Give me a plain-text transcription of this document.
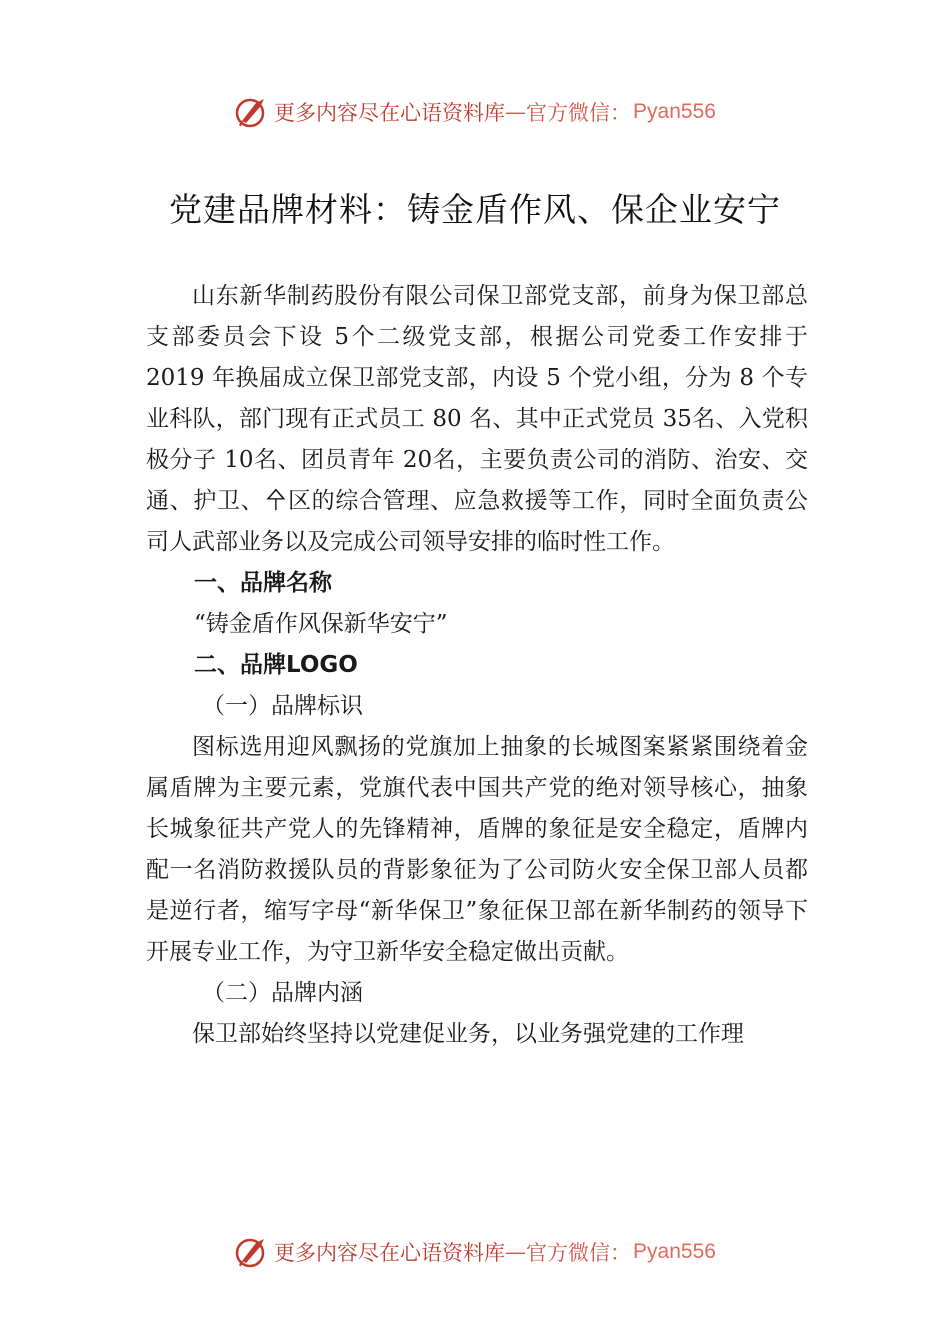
更多内容尽在心语资料库 — 官方微信： Pyan556
党建品牌材料：铸金盾作风、保企业安宁

山东新华制药股份有限公司保卫部党支部，前身为保卫部总支部委员会下设 5个二级党支部，根据公司党委工作安排于 2019 年换届成立保卫部党支部，内设 5 个党小组，分为 8 个专业科队，部门现有正式员工 80 名、其中正式党员 35名、入党积极分子 10名、团员青年 20名，主要负责公司的消防、治安、交通、护卫、㐃区的综合管理、应急救援等工作，同时全面负责公司人武部业务以及完成公司领导安排的临时性工作。

一、品牌名称

“铸金盾作风保新华安宁”

二、品牌LOGO

（一）品牌标识

图标选用迎风飘扬的党旗加上抽象的长城图案紧紧围绕着金属盾牌为主要元素，党旗代表中国共产党的绝对领导核心，抽象长城象征共产党人的先锋精神，盾牌的象征是安全稳定，盾牌内配一名消防救援队员的背影象征为了公司防火安全保卫部人员都是逆行者，缩写字母“新华保卫”象征保卫部在新华制药的领导下开展专业工作，为守卫新华安全稳定做出贡献。

（二）品牌内涵

保卫部始终坚持以党建促业务，以业务强党建的工作理

更多内容尽在心语资料库 — 官方微信： Pyan556
